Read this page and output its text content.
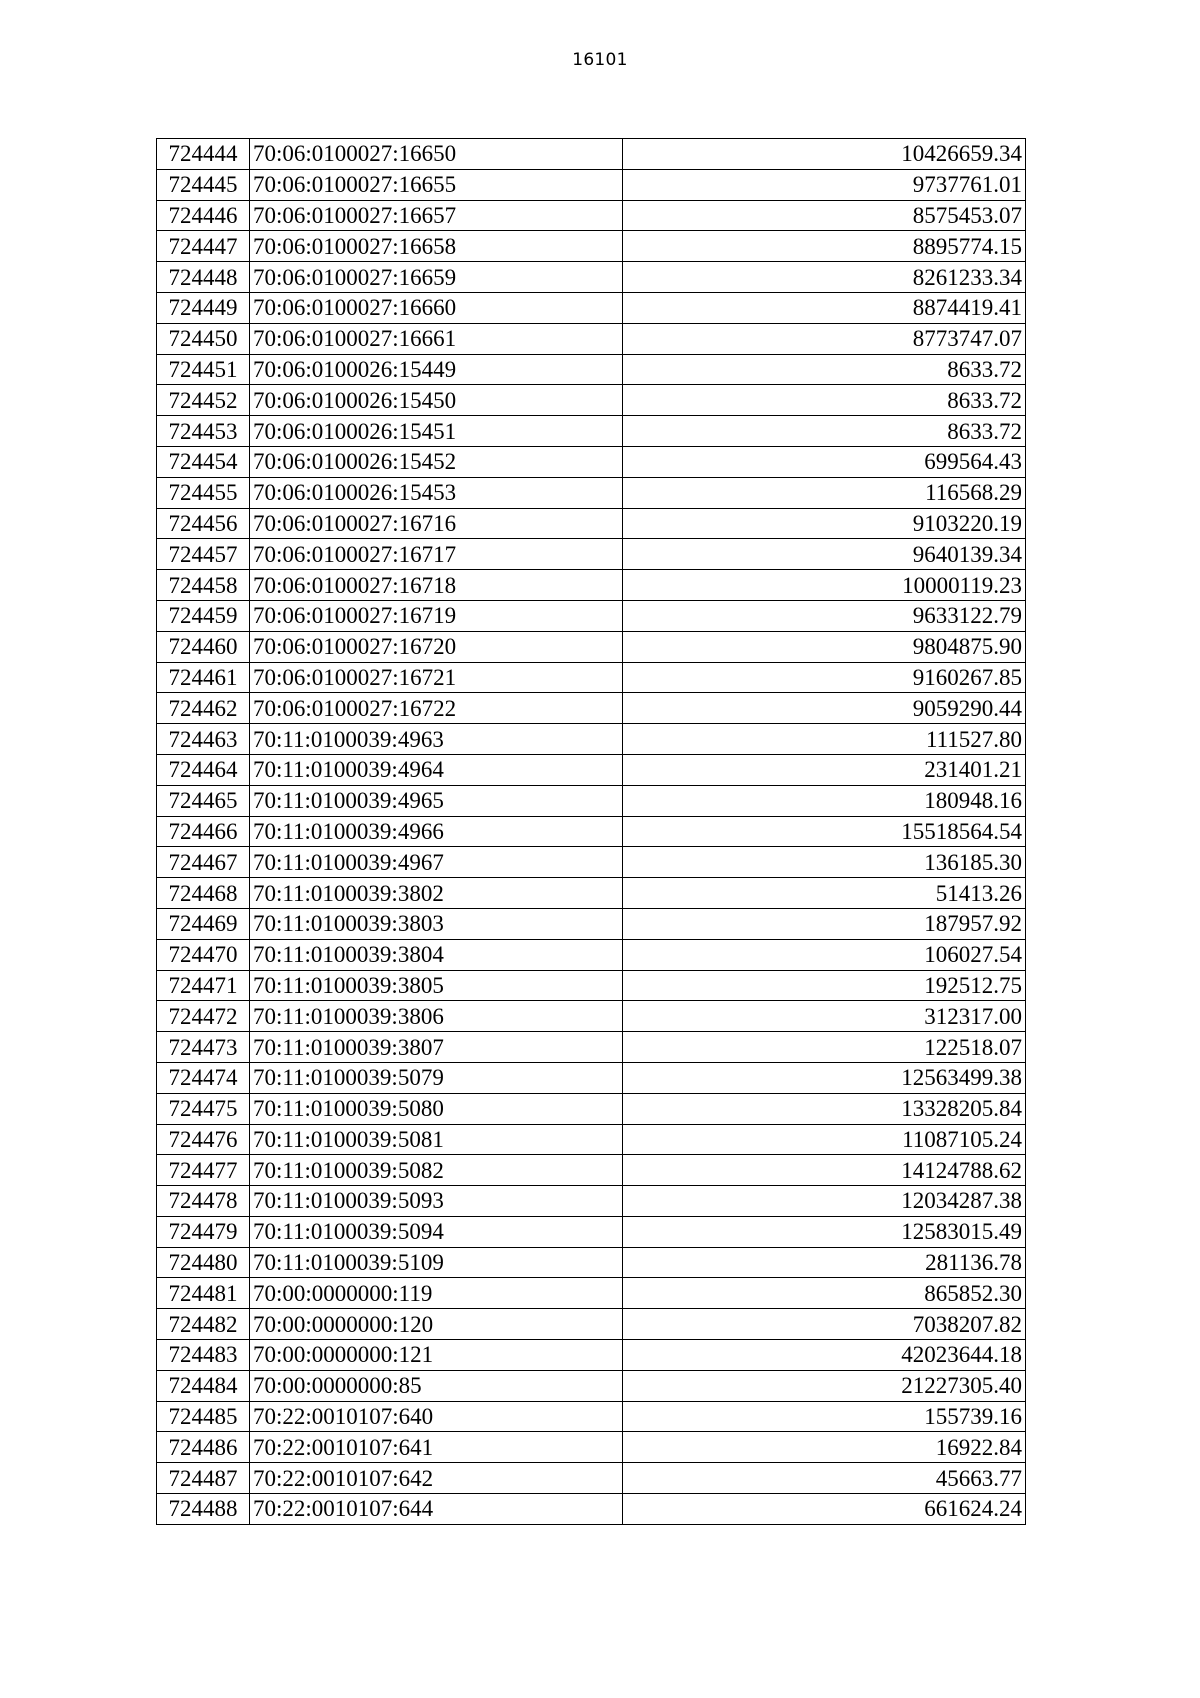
16101
724444	70:06:0100027:16650	10426659.34
724445	70:06:0100027:16655	9737761.01
724446	70:06:0100027:16657	8575453.07
724447	70:06:0100027:16658	8895774.15
724448	70:06:0100027:16659	8261233.34
724449	70:06:0100027:16660	8874419.41
724450	70:06:0100027:16661	8773747.07
724451	70:06:0100026:15449	8633.72
724452	70:06:0100026:15450	8633.72
724453	70:06:0100026:15451	8633.72
724454	70:06:0100026:15452	699564.43
724455	70:06:0100026:15453	116568.29
724456	70:06:0100027:16716	9103220.19
724457	70:06:0100027:16717	9640139.34
724458	70:06:0100027:16718	10000119.23
724459	70:06:0100027:16719	9633122.79
724460	70:06:0100027:16720	9804875.90
724461	70:06:0100027:16721	9160267.85
724462	70:06:0100027:16722	9059290.44
724463	70:11:0100039:4963	111527.80
724464	70:11:0100039:4964	231401.21
724465	70:11:0100039:4965	180948.16
724466	70:11:0100039:4966	15518564.54
724467	70:11:0100039:4967	136185.30
724468	70:11:0100039:3802	51413.26
724469	70:11:0100039:3803	187957.92
724470	70:11:0100039:3804	106027.54
724471	70:11:0100039:3805	192512.75
724472	70:11:0100039:3806	312317.00
724473	70:11:0100039:3807	122518.07
724474	70:11:0100039:5079	12563499.38
724475	70:11:0100039:5080	13328205.84
724476	70:11:0100039:5081	11087105.24
724477	70:11:0100039:5082	14124788.62
724478	70:11:0100039:5093	12034287.38
724479	70:11:0100039:5094	12583015.49
724480	70:11:0100039:5109	281136.78
724481	70:00:0000000:119	865852.30
724482	70:00:0000000:120	7038207.82
724483	70:00:0000000:121	42023644.18
724484	70:00:0000000:85	21227305.40
724485	70:22:0010107:640	155739.16
724486	70:22:0010107:641	16922.84
724487	70:22:0010107:642	45663.77
724488	70:22:0010107:644	661624.24
